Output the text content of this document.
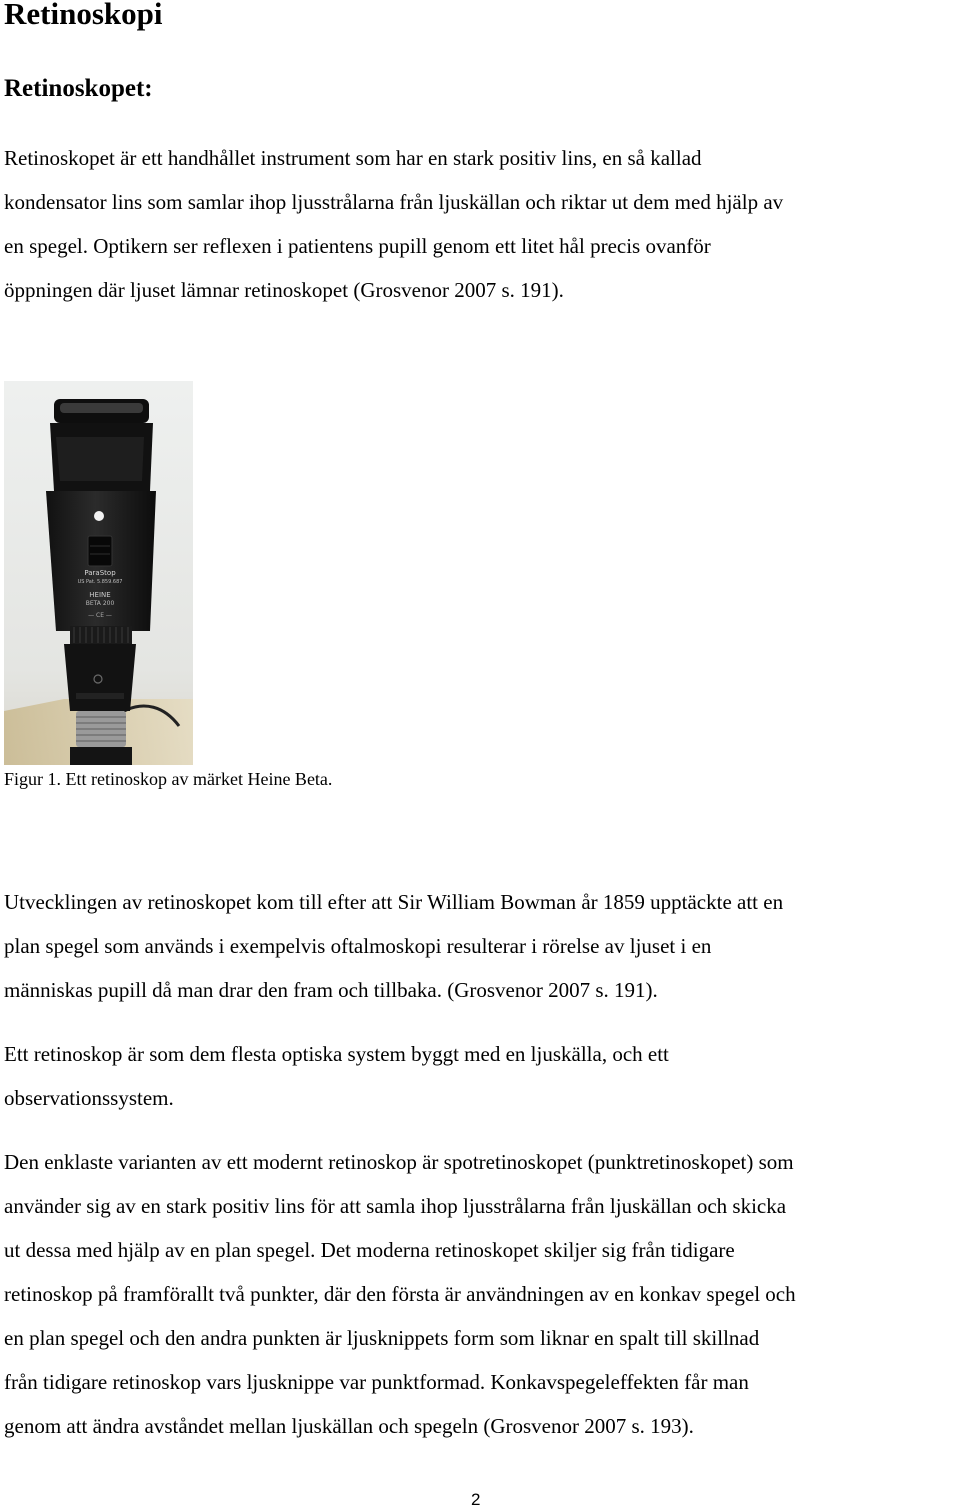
Retinoskopi
Retinoskopet:

Retinoskopet är ett handhållet instrument som har en stark positiv lins, en så kallad
kondensator lins som samlar ihop ljusstrålarna från ljuskällan och riktar ut dem med hjälp av
en spegel. Optikern ser reflexen i patientens pupill genom ett litet hål precis ovanför
öppningen där ljuset lämnar retinoskopet (Grosvenor 2007 s. 191).

ParaStop
US Pat. 5.859.687
HEINE
BETA 200
— CE —

Figur 1. Ett retinoskop av märket Heine Beta.

Utvecklingen av retinoskopet kom till efter att Sir William Bowman år 1859 upptäckte att en
plan spegel som används i exempelvis oftalmoskopi resulterar i rörelse av ljuset i en
människas pupill då man drar den fram och tillbaka. (Grosvenor 2007 s. 191).

Ett retinoskop är som dem flesta optiska system byggt med en ljuskälla, och ett
observationssystem.

Den enklaste varianten av ett modernt retinoskop är spotretinoskopet (punktretinoskopet) som
använder sig av en stark positiv lins för att samla ihop ljusstrålarna från ljuskällan och skicka
ut dessa med hjälp av en plan spegel. Det moderna retinoskopet skiljer sig från tidigare
retinoskop på framförallt två punkter, där den första är användningen av en konkav spegel och
en plan spegel och den andra punkten är ljusknippets form som liknar en spalt till skillnad
från tidigare retinoskop vars ljusknippe var punktformad. Konkavspegeleffekten får man
genom att ändra avståndet mellan ljuskällan och spegeln (Grosvenor 2007 s. 193).

2
